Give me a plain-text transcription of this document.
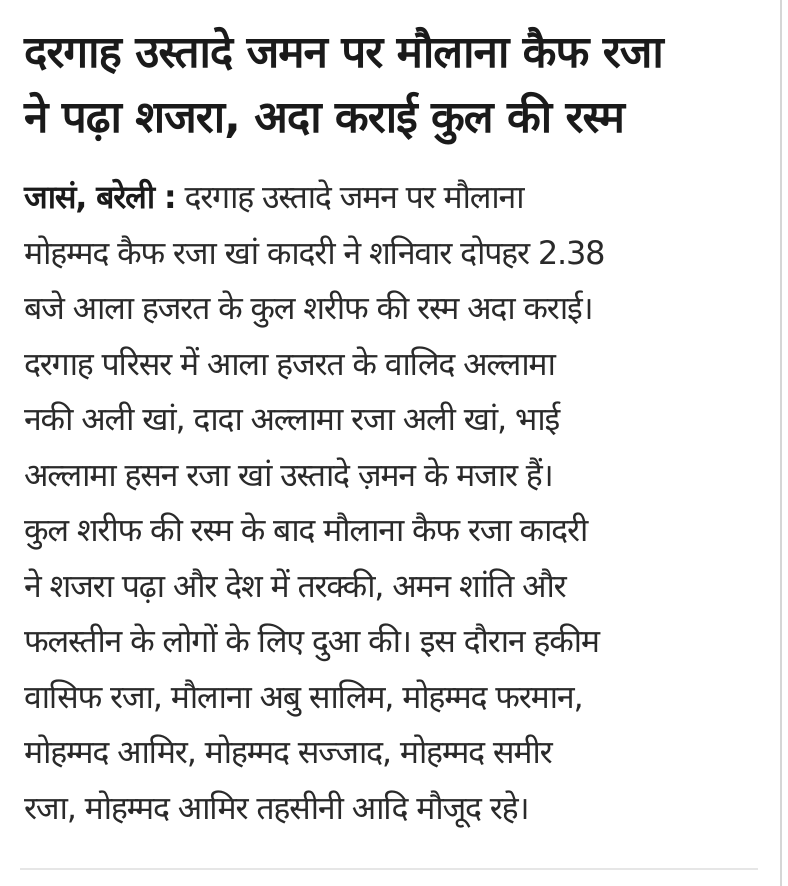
दरगाह उस्तादे जमन पर मौलाना कैफ रजा
ने पढ़ा शजरा, अदा कराई कुल की रस्म
जासं, बरेली : दरगाह उस्तादे जमन पर मौलाना
मोहम्मद कैफ रजा खां कादरी ने शनिवार दोपहर 2.38
बजे आला हजरत के कुल शरीफ की रस्म अदा कराई।
दरगाह परिसर में आला हजरत के वालिद अल्लामा
नकी अली खां, दादा अल्लामा रजा अली खां, भाई
अल्लामा हसन रजा खां उस्तादे ज़मन के मजार हैं।
कुल शरीफ की रस्म के बाद मौलाना कैफ रजा कादरी
ने शजरा पढ़ा और देश में तरक्की, अमन शांति और
फलस्तीन के लोगों के लिए दुआ की। इस दौरान हकीम
वासिफ रजा, मौलाना अबु सालिम, मोहम्मद फरमान,
मोहम्मद आमिर, मोहम्मद सज्जाद, मोहम्मद समीर
रजा, मोहम्मद आमिर तहसीनी आदि मौजूद रहे।
